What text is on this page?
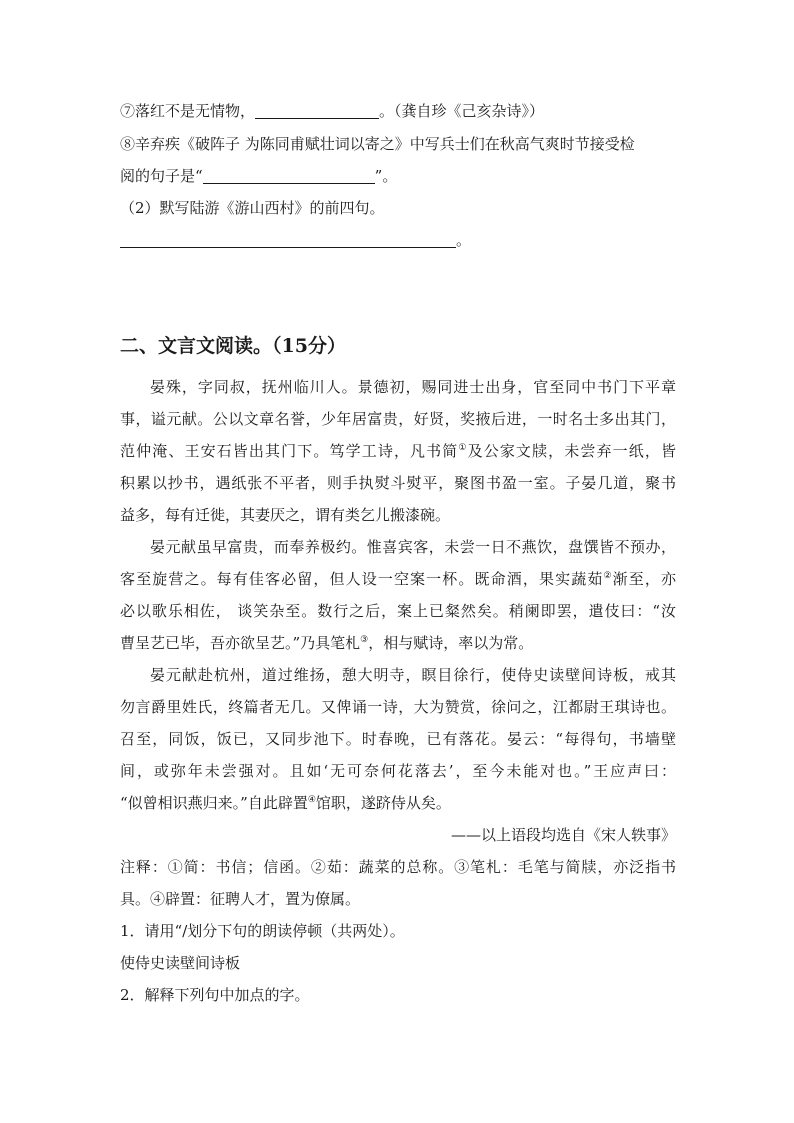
⑦落红不是无情物，	。（龚自珍《己亥杂诗》）
⑧辛弃疾《破阵子 为陈同甫赋壮词以寄之》中写兵士们在秋高气爽时节接受检
阅的句子是“	”。
（2）默写陆游《游山西村》的前四句。
。
二、文言文阅读。（15分）
晏殊，字同叔，抚州临川人。景德初，赐同进士出身，官至同中书门下平章
事，谥元献。公以文章名誉，少年居富贵，好贤，奖掖后进，一时名士多出其门，
范仲淹、王安石皆出其门下。笃学工诗，凡书简①及公家文牍，未尝弃一纸，皆
积累以抄书，遇纸张不平者，则手执熨斗熨平，聚图书盈一室。子晏几道，聚书
益多，每有迁徙，其妻厌之，谓有类乞儿搬漆碗。
晏元献虽早富贵，而奉养极约。惟喜宾客，未尝一日不燕饮，盘馔皆不预办，
客至旋营之。每有佳客必留，但人设一空案一杯。既命酒，果实蔬茹②渐至，亦
必以歌乐相佐， 谈笑杂至。数行之后，案上已粲然矣。稍阑即罢，遣伎曰：“汝
曹呈艺已毕，吾亦欲呈艺。”乃具笔札③，相与赋诗，率以为常。
晏元献赴杭州，道过维扬，憩大明寺，瞑目徐行，使侍史读壁间诗板，戒其
勿言爵里姓氏，终篇者无几。又俾诵一诗，大为赞赏，徐问之，江都尉王琪诗也。
召至，同饭，饭已，又同步池下。时春晚，已有落花。晏云：“每得句，书墙壁
间，或弥年未尝强对。且如‘无可奈何花落去’，至今未能对也。”王应声曰：
“似曾相识燕归来。”自此辟置④馆职，遂跻侍从矣。
——以上语段均选自《宋人轶事》
注释：①简：书信；信函。②茹：蔬菜的总称。③笔札：毛笔与简牍，亦泛指书
具。④辟置：征聘人才，置为僚属。
1．请用“/划分下句的朗读停顿（共两处）。
使侍史读壁间诗板
2．解释下列句中加点的字。
